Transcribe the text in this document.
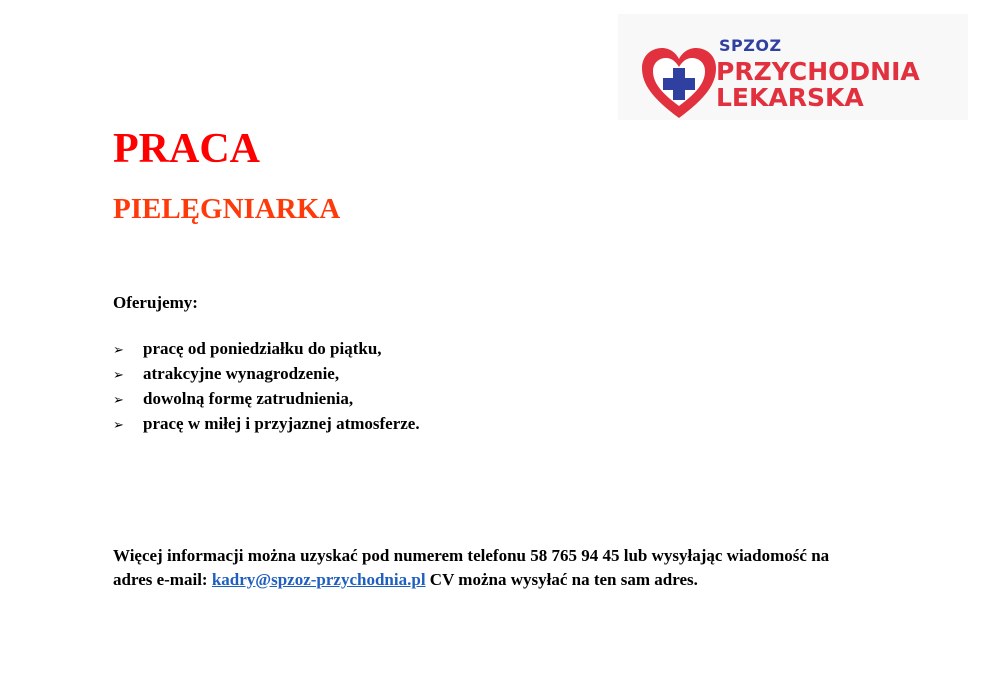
SPZOZ
PRZYCHODNIA
LEKARSKA
PRACA
PIELĘGNIARKA
Oferujemy:
➢ pracę od poniedziałku do piątku,
➢ atrakcyjne wynagrodzenie,
➢ dowolną formę zatrudnienia,
➢ pracę w miłej i przyjaznej atmosferze.

Więcej informacji można uzyskać pod numerem telefonu 58 765 94 45 lub wysyłając wiadomość na adres e-mail: kadry@spzoz-przychodnia.pl CV można wysyłać na ten sam adres.
